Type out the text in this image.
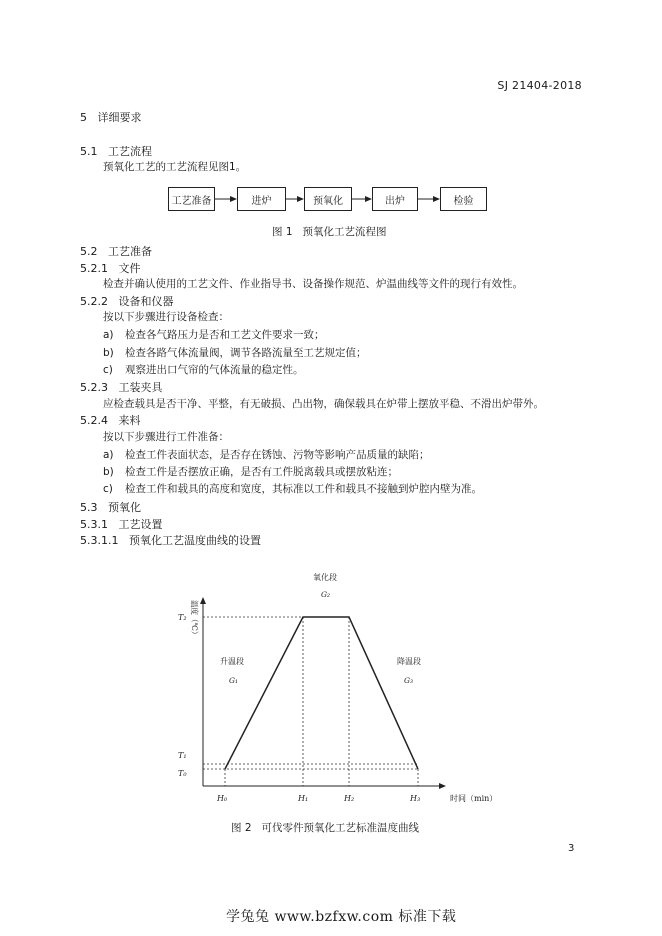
SJ 21404-2018
5 详细要求
5.1 工艺流程
预氧化工艺的工艺流程见图1。
工艺准备	进炉	预氧化	出炉	检验
图 1 预氧化工艺流程图
5.2 工艺准备
5.2.1 文件
检查并确认使用的工艺文件、作业指导书、设备操作规范、炉温曲线等文件的现行有效性。
5.2.2 设备和仪器
按以下步骤进行设备检查：
a) 检查各气路压力是否和工艺文件要求一致；
b) 检查各路气体流量阀，调节各路流量至工艺规定值；
c) 观察进出口气帘的气体流量的稳定性。
5.2.3 工装夹具
应检查载具是否干净、平整，有无破损、凸出物，确保载具在炉带上摆放平稳、不滑出炉带外。
5.2.4 来料
按以下步骤进行工件准备：
a) 检查工件表面状态，是否存在锈蚀、污物等影响产品质量的缺陷；
b) 检查工件是否摆放正确，是否有工件脱离载具或摆放粘连；
c) 检查工件和载具的高度和宽度，其标准以工件和载具不接触到炉腔内壁为准。
5.3 预氧化
5.3.1 工艺设置
5.3.1.1 预氧化工艺温度曲线的设置
温度（℃）
时间（min）
T₂
T₁
T₀
H₀	H₁	H₂	H₃
升温段
G₁
氧化段
G₂
降温段
G₃
图 2 可伐零件预氧化工艺标准温度曲线
3
学兔兔 www.bzfxw.com 标准下载
